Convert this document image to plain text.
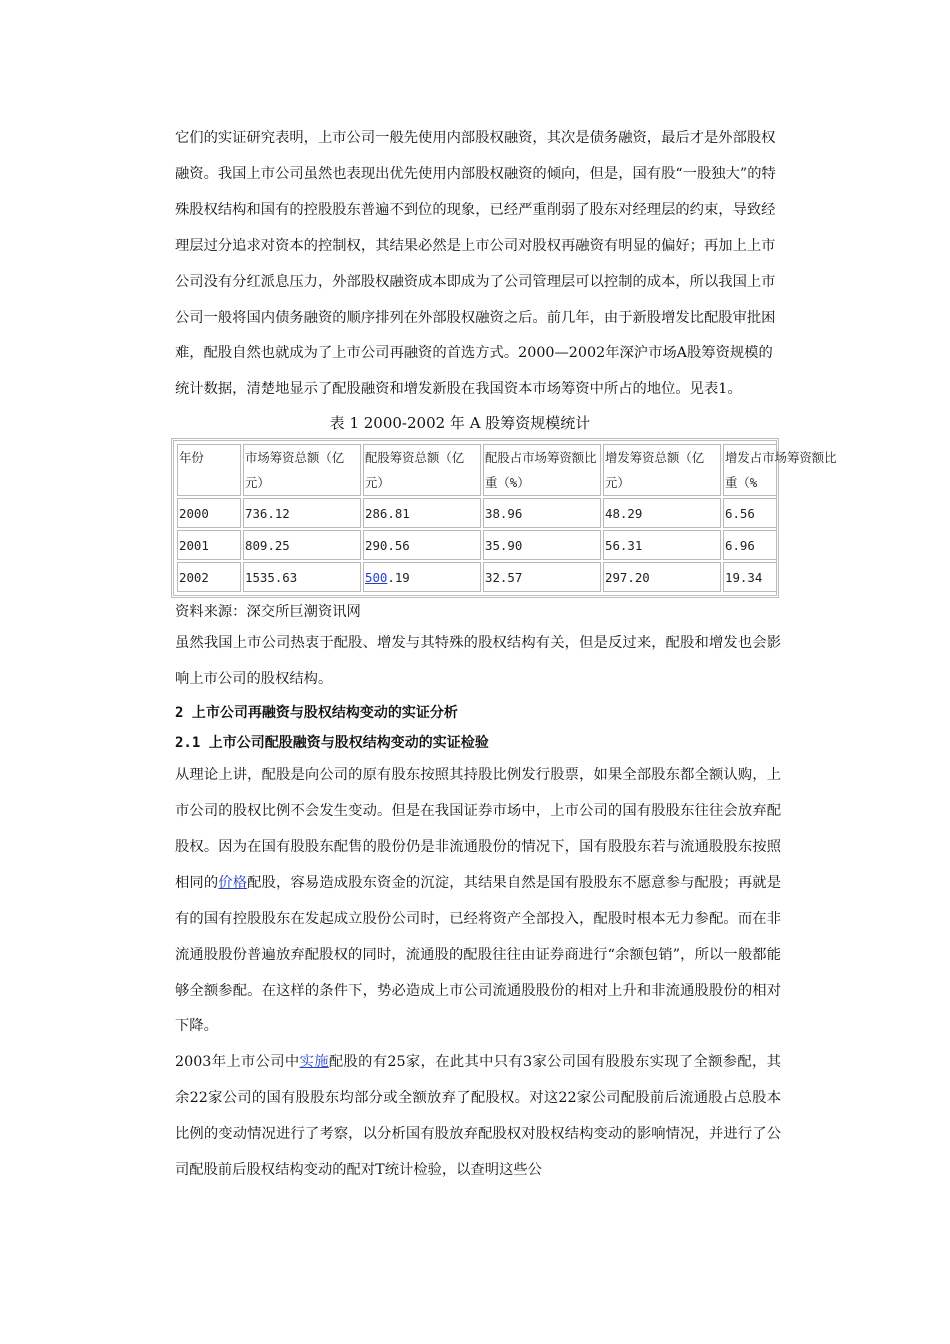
它们的实证研究表明，上市公司一般先使用内部股权融资，其次是债务融资，最后才是外部股权融资。我国上市公司虽然也表现出优先使用内部股权融资的倾向，但是，国有股“一股独大”的特殊股权结构和国有的控股股东普遍不到位的现象，已经严重削弱了股东对经理层的约束，导致经理层过分追求对资本的控制权，其结果必然是上市公司对股权再融资有明显的偏好；再加上上市公司没有分红派息压力，外部股权融资成本即成为了公司管理层可以控制的成本，所以我国上市公司一般将国内债务融资的顺序排列在外部股权融资之后。前几年，由于新股增发比配股审批困难，配股自然也就成为了上市公司再融资的首选方式。2000—2002年深沪市场A股筹资规模的统计数据，清楚地显示了配股融资和增发新股在我国资本市场筹资中所占的地位。见表1。

表 1 2000-2002 年 A 股筹资规模统计

年份	市场筹资总额（亿元）	配股筹资总额（亿元）	配股占市场筹资额比重（%）	增发筹资总额（亿元）	增发占市场筹资额比重（%

2000	736.12	286.81	38.96	48.29	6.56
2001	809.25	290.56	35.90	56.31	6.96
2002	1535.63	500.19	32.57	297.20	19.34

资料来源：深交所巨潮资讯网

虽然我国上市公司热衷于配股、增发与其特殊的股权结构有关，但是反过来，配股和增发也会影响上市公司的股权结构。

2 上市公司再融资与股权结构变动的实证分析

2.1 上市公司配股融资与股权结构变动的实证检验

从理论上讲，配股是向公司的原有股东按照其持股比例发行股票，如果全部股东都全额认购，上市公司的股权比例不会发生变动。但是在我国证券市场中，上市公司的国有股股东往往会放弃配股权。因为在国有股股东配售的股份仍是非流通股份的情况下，国有股股东若与流通股股东按照相同的价格配股，容易造成股东资金的沉淀，其结果自然是国有股股东不愿意参与配股；再就是有的国有控股股东在发起成立股份公司时，已经将资产全部投入，配股时根本无力参配。而在非流通股股份普遍放弃配股权的同时，流通股的配股往往由证券商进行“余额包销”，所以一般都能够全额参配。在这样的条件下，势必造成上市公司流通股股份的相对上升和非流通股股份的相对下降。

2003年上市公司中实施配股的有25家，在此其中只有3家公司国有股股东实现了全额参配，其余22家公司的国有股股东均部分或全额放弃了配股权。对这22家公司配股前后流通股占总股本比例的变动情况进行了考察，以分析国有股放弃配股权对股权结构变动的影响情况，并进行了公司配股前后股权结构变动的配对T统计检验，以查明这些公
